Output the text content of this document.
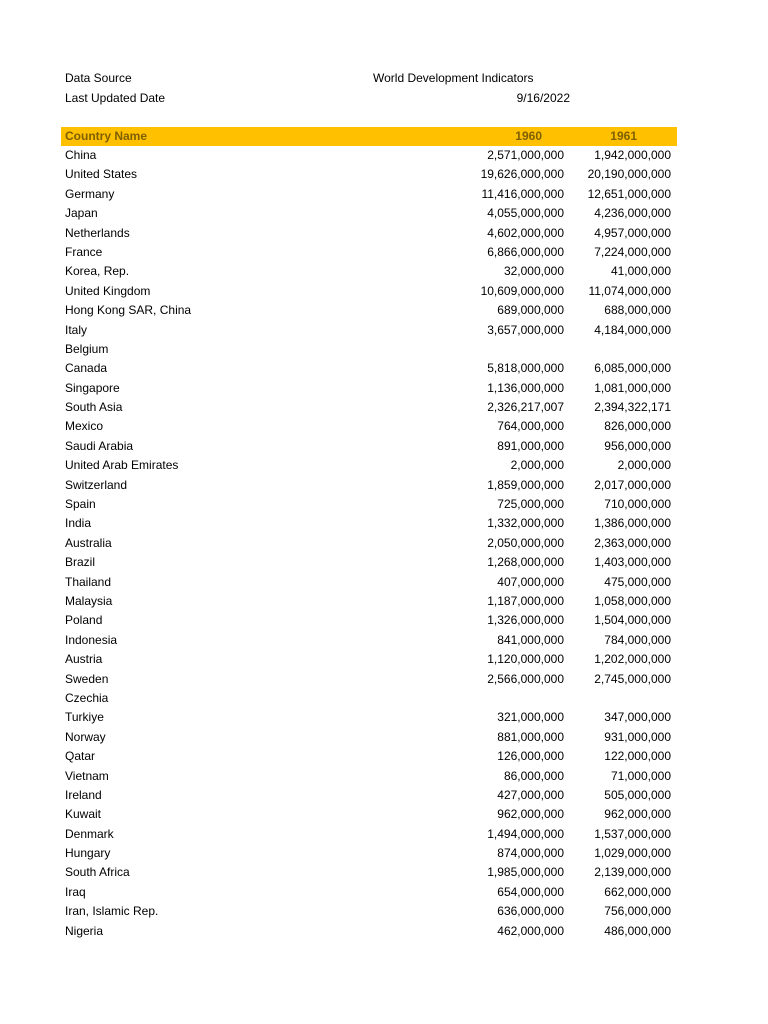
Data Source	World Development Indicators
Last Updated Date	9/16/2022
Country Name	1960	1961
China	2,571,000,000	1,942,000,000
United States	19,626,000,000 20,190,000,000
Germany	11,416,000,000 12,651,000,000
Japan	4,055,000,000	4,236,000,000
Netherlands	4,602,000,000	4,957,000,000
France	6,866,000,000	7,224,000,000
Korea, Rep.	32,000,000	41,000,000
United Kingdom	10,609,000,000 11,074,000,000
Hong Kong SAR, China	689,000,000	688,000,000
Italy	3,657,000,000	4,184,000,000
Belgium
Canada	5,818,000,000	6,085,000,000
Singapore	1,136,000,000	1,081,000,000
South Asia	2,326,217,007	2,394,322,171
Mexico	764,000,000	826,000,000
Saudi Arabia	891,000,000	956,000,000
United Arab Emirates	2,000,000	2,000,000
Switzerland	1,859,000,000	2,017,000,000
Spain	725,000,000	710,000,000
India	1,332,000,000	1,386,000,000
Australia	2,050,000,000	2,363,000,000
Brazil	1,268,000,000	1,403,000,000
Thailand	407,000,000	475,000,000
Malaysia	1,187,000,000	1,058,000,000
Poland	1,326,000,000	1,504,000,000
Indonesia	841,000,000	784,000,000
Austria	1,120,000,000	1,202,000,000
Sweden	2,566,000,000	2,745,000,000
Czechia
Turkiye	321,000,000	347,000,000
Norway	881,000,000	931,000,000
Qatar	126,000,000	122,000,000
Vietnam	86,000,000	71,000,000
Ireland	427,000,000	505,000,000
Kuwait	962,000,000	962,000,000
Denmark	1,494,000,000	1,537,000,000
Hungary	874,000,000	1,029,000,000
South Africa	1,985,000,000	2,139,000,000
Iraq	654,000,000	662,000,000
Iran, Islamic Rep.	636,000,000	756,000,000
Nigeria	462,000,000	486,000,000
